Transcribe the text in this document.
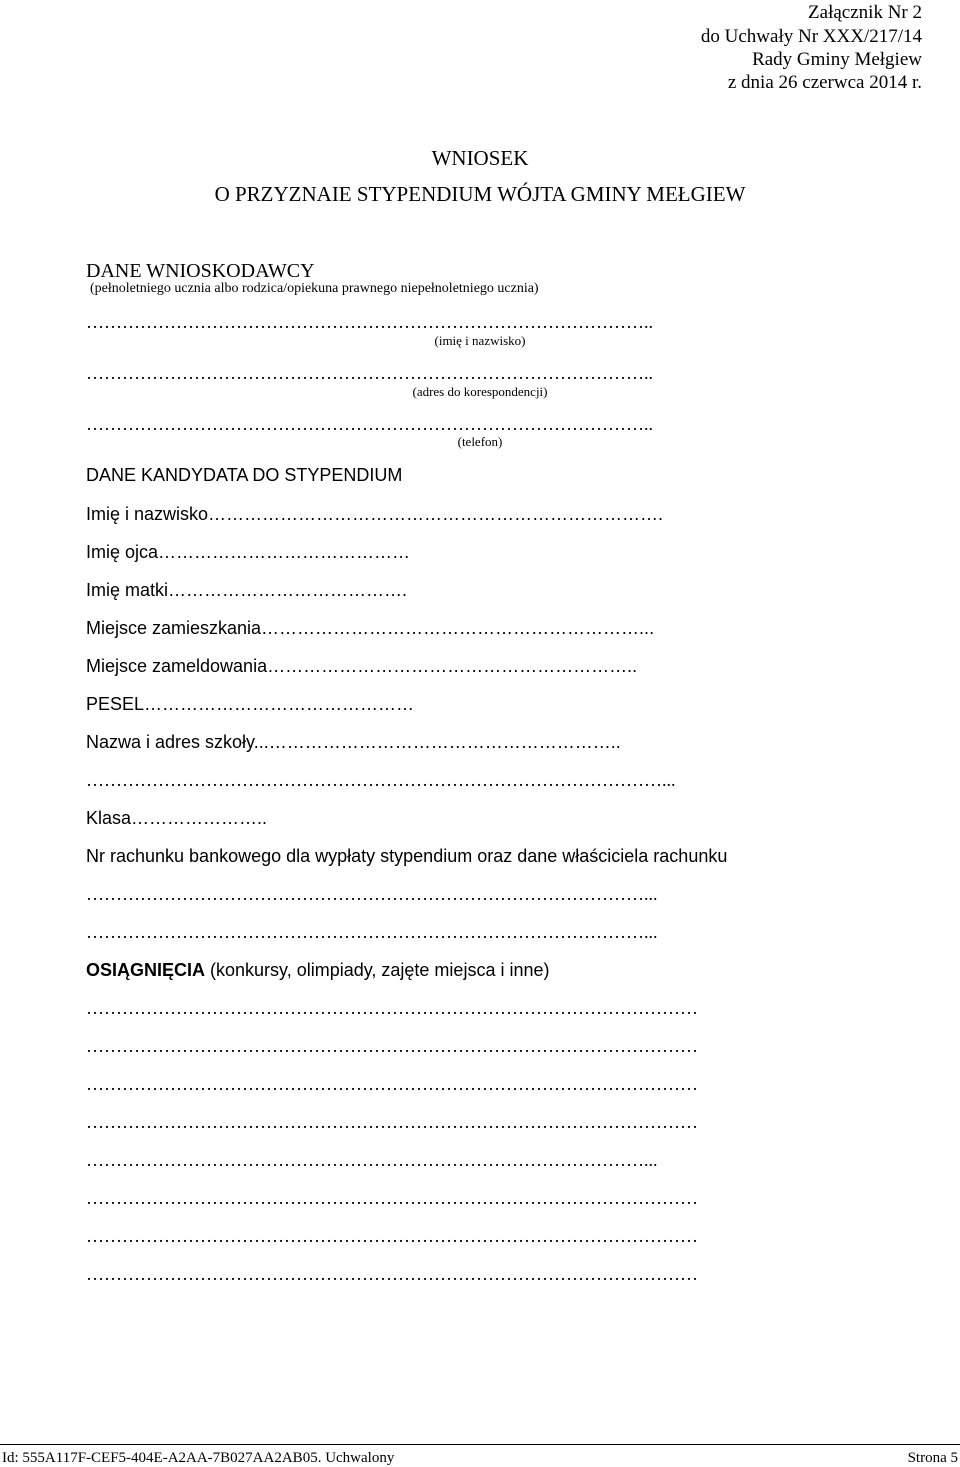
Załącznik Nr 2
do Uchwały Nr XXX/217/14
Rady Gminy Mełgiew
z dnia 26 czerwca 2014 r.
WNIOSEK
O PRZYZNAIE STYPENDIUM WÓJTA GMINY MEŁGIEW
DANE WNIOSKODAWCY
(pełnoletniego ucznia albo rodzica/opiekuna prawnego niepełnoletniego ucznia)
…………………………………………………………………………………..
(imię i nazwisko)
…………………………………………………………………………………..
(adres do korespondencji)
…………………………………………………………………………………..
(telefon)
DANE KANDYDATA DO STYPENDIUM
Imię i nazwisko………………………………………………………………….
Imię ojca……………………………………
Imię matki………………………………….
Miejsce zamieszkania………………………………………………………...
Miejsce zameldowania……………………………………………………..
PESEL………………………………………
Nazwa i adres szkoły...…………………………………………………..
……………………………………………………………………………………...
Klasa…………………..
Nr rachunku bankowego dla wypłaty stypendium oraz dane właściciela rachunku
…………………………………………………………………………………...
…………………………………………………………………………………...
OSIĄGNIĘCIA (konkursy, olimpiady, zajęte miejsca i inne)
…………………………………………………………………………………………
…………………………………………………………………………………………
…………………………………………………………………………………………
…………………………………………………………………………………………
…………………………………………………………………………………...
…………………………………………………………………………………………
…………………………………………………………………………………………
…………………………………………………………………………………………
Id: 555A117F-CEF5-404E-A2AA-7B027AA2AB05. Uchwalony	Strona 5
